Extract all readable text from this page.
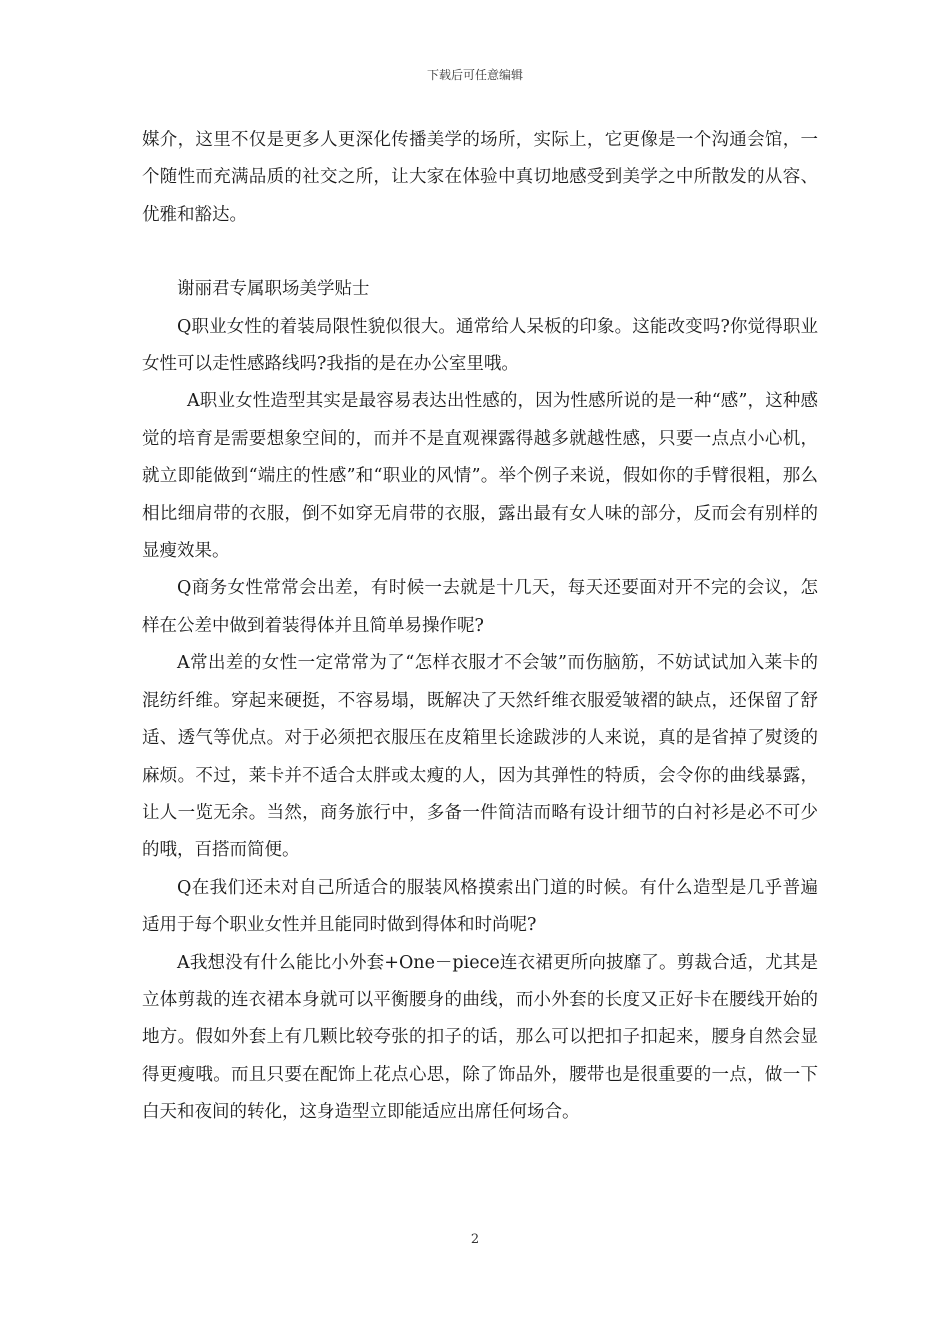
下载后可任意编辑

媒介，这里不仅是更多人更深化传播美学的场所，实际上，它更像是一个沟通会馆，一个随性而充满品质的社交之所，让大家在体验中真切地感受到美学之中所散发的从容、优雅和豁达。

谢丽君专属职场美学贴士

Q职业女性的着装局限性貌似很大。通常给人呆板的印象。这能改变吗?你觉得职业女性可以走性感路线吗?我指的是在办公室里哦。

A职业女性造型其实是最容易表达出性感的，因为性感所说的是一种“感”，这种感觉的培育是需要想象空间的，而并不是直观裸露得越多就越性感，只要一点点小心机，就立即能做到“端庄的性感”和“职业的风情”。举个例子来说，假如你的手臂很粗，那么相比细肩带的衣服，倒不如穿无肩带的衣服，露出最有女人味的部分，反而会有别样的显瘦效果。

Q商务女性常常会出差，有时候一去就是十几天，每天还要面对开不完的会议，怎样在公差中做到着装得体并且简单易操作呢?

A常出差的女性一定常常为了“怎样衣服才不会皱”而伤脑筋，不妨试试加入莱卡的混纺纤维。穿起来硬挺，不容易塌，既解决了天然纤维衣服爱皱褶的缺点，还保留了舒适、透气等优点。对于必须把衣服压在皮箱里长途跋涉的人来说，真的是省掉了熨烫的麻烦。不过，莱卡并不适合太胖或太瘦的人，因为其弹性的特质，会令你的曲线暴露，让人一览无余。当然，商务旅行中，多备一件简洁而略有设计细节的白衬衫是必不可少的哦，百搭而简便。

Q在我们还未对自己所适合的服装风格摸索出门道的时候。有什么造型是几乎普遍适用于每个职业女性并且能同时做到得体和时尚呢?

A我想没有什么能比小外套+One－piece连衣裙更所向披靡了。剪裁合适，尤其是立体剪裁的连衣裙本身就可以平衡腰身的曲线，而小外套的长度又正好卡在腰线开始的地方。假如外套上有几颗比较夸张的扣子的话，那么可以把扣子扣起来，腰身自然会显得更瘦哦。而且只要在配饰上花点心思，除了饰品外，腰带也是很重要的一点，做一下白天和夜间的转化，这身造型立即能适应出席任何场合。

2
